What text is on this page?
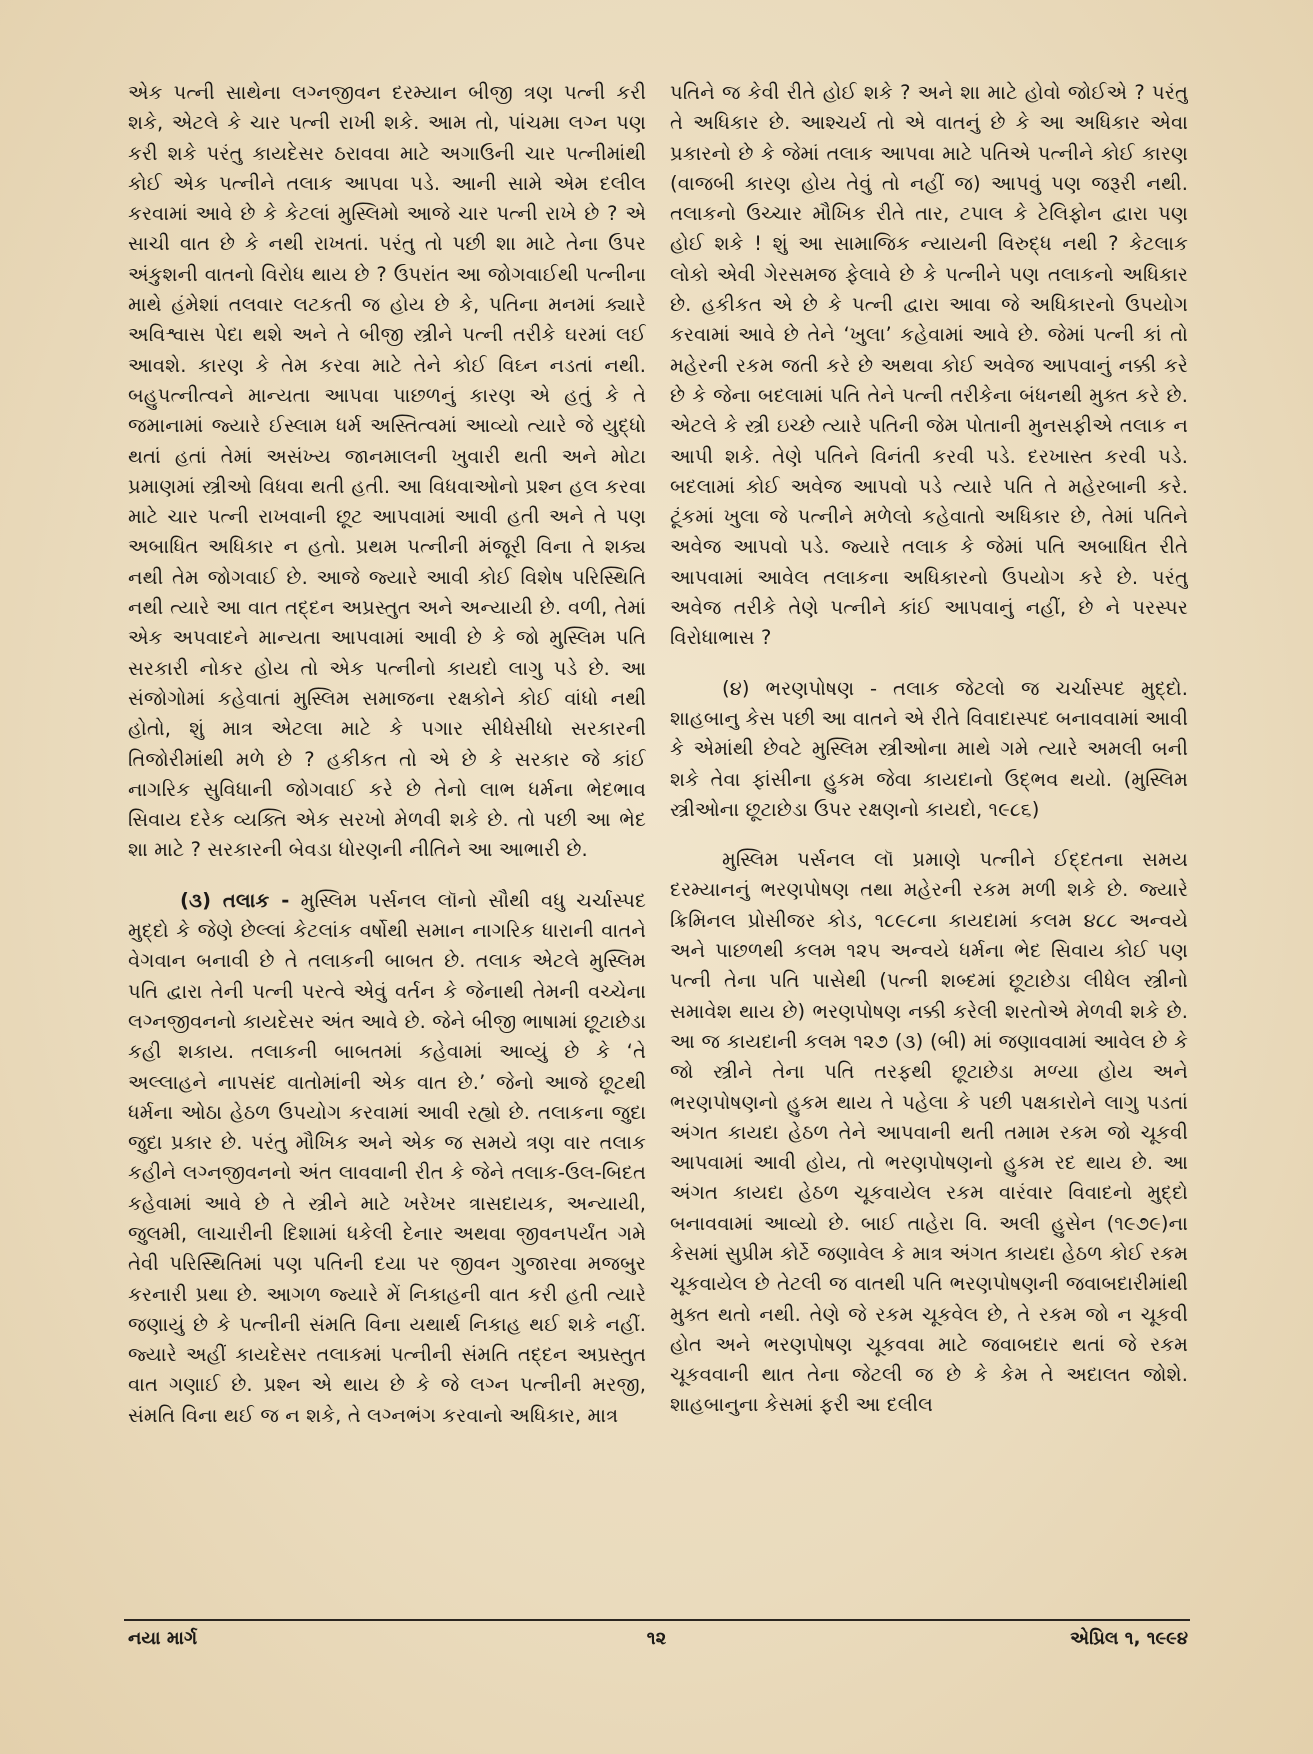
એક પત્ની સાથેના લગ્નજીવન દરમ્યાન બીજી ત્રણ પત્ની કરી શકે, એટલે કે ચાર પત્ની રાખી શકે. આમ તો, પાંચમા લગ્ન પણ કરી શકે પરંતુ કાયદેસર ઠરાવવા માટે અગાઉની ચાર પત્નીમાંથી કોઈ એક પત્નીને તલાક આપવા પડે. આની સામે એમ દલીલ કરવામાં આવે છે કે કેટલાં મુસ્લિમો આજે ચાર પત્ની રાખે છે ? એ સાચી વાત છે કે નથી રાખતાં. પરંતુ તો પછી શા માટે તેના ઉપર અંકુશની વાતનો વિરોધ થાય છે ? ઉપરાંત આ જોગવાઈથી પત્નીના માથે હંમેશાં તલવાર લટકતી જ હોય છે કે, પતિના મનમાં ક્યારે અવિશ્વાસ પેદા થશે અને તે બીજી સ્ત્રીને પત્ની તરીકે ઘરમાં લઈ આવશે. કારણ કે તેમ કરવા માટે તેને કોઈ વિઘ્ન નડતાં નથી. બહુપત્નીત્વને માન્યતા આપવા પાછળનું કારણ એ હતું કે તે જમાનામાં જ્યારે ઈસ્લામ ધર્મ અસ્તિત્વમાં આવ્યો ત્યારે જે યુદ્ધો થતાં હતાં તેમાં અસંખ્ય જાનમાલની ખુવારી થતી અને મોટા પ્રમાણમાં સ્ત્રીઓ વિધવા થતી હતી. આ વિધવાઓનો પ્રશ્ન હલ કરવા માટે ચાર પત્ની રાખવાની છૂટ આપવામાં આવી હતી અને તે પણ અબાધિત અધિકાર ન હતો. પ્રથમ પત્નીની મંજૂરી વિના તે શક્ય નથી તેમ જોગવાઈ છે. આજે જ્યારે આવી કોઈ વિશેષ પરિસ્થિતિ નથી ત્યારે આ વાત તદ્દન અપ્રસ્તુત અને અન્યાયી છે. વળી, તેમાં એક અપવાદને માન્યતા આપવામાં આવી છે કે જો મુસ્લિમ પતિ સરકારી નોકર હોય તો એક પત્નીનો કાયદો લાગુ પડે છે. આ સંજોગોમાં કહેવાતાં મુસ્લિમ સમાજના રક્ષકોને કોઈ વાંધો નથી હોતો, શું માત્ર એટલા માટે કે પગાર સીધેસીધો સરકારની તિજોરીમાંથી મળે છે ? હકીકત તો એ છે કે સરકાર જે કાંઈ નાગરિક સુવિધાની જોગવાઈ કરે છે તેનો લાભ ધર્મના ભેદભાવ સિવાય દરેક વ્યક્તિ એક સરખો મેળવી શકે છે. તો પછી આ ભેદ શા માટે ? સરકારની બેવડા ધોરણની નીતિને આ આભારી છે.

(૩) તલાક - મુસ્લિમ પર્સનલ લૉનો સૌથી વધુ ચર્ચાસ્પદ મુદ્દો કે જેણે છેલ્લાં કેટલાંક વર્ષોથી સમાન નાગરિક ધારાની વાતને વેગવાન બનાવી છે તે તલાકની બાબત છે. તલાક એટલે મુસ્લિમ પતિ દ્વારા તેની પત્ની પરત્વે એવું વર્તન કે જેનાથી તેમની વચ્ચેના લગ્નજીવનનો કાયદેસર અંત આવે છે. જેને બીજી ભાષામાં છૂટાછેડા કહી શકાય. તલાકની બાબતમાં કહેવામાં આવ્યું છે કે ‘તે અલ્લાહને નાપસંદ વાતોમાંની એક વાત છે.’ જેનો આજે છૂટથી ધર્મના ઓઠા હેઠળ ઉપયોગ કરવામાં આવી રહ્યો છે. તલાકના જુદા જુદા પ્રકાર છે. પરંતુ મૌખિક અને એક જ સમયે ત્રણ વાર તલાક કહીને લગ્નજીવનનો અંત લાવવાની રીત કે જેને તલાક-ઉલ-બિદત કહેવામાં આવે છે તે સ્ત્રીને માટે ખરેખર ત્રાસદાયક, અન્યાયી, જુલમી, લાચારીની દિશામાં ધકેલી દેનાર અથવા જીવનપર્યંત ગમે તેવી પરિસ્થિતિમાં પણ પતિની દયા પર જીવન ગુજારવા મજબુર કરનારી પ્રથા છે. આગળ જ્યારે મેં નિકાહની વાત કરી હતી ત્યારે જણાયું છે કે પત્નીની સંમતિ વિના યથાર્થ નિકાહ થઈ શકે નહીં. જ્યારે અહીં કાયદેસર તલાકમાં પત્નીની સંમતિ તદ્દન અપ્રસ્તુત વાત ગણાઈ છે. પ્રશ્ન એ થાય છે કે જે લગ્ન પત્નીની મરજી, સંમતિ વિના થઈ જ ન શકે, તે લગ્નભંગ કરવાનો અધિકાર, માત્ર

પતિને જ કેવી રીતે હોઈ શકે ? અને શા માટે હોવો જોઈએ ? પરંતુ તે અધિકાર છે. આશ્ચર્ય તો એ વાતનું છે કે આ અધિકાર એવા પ્રકારનો છે કે જેમાં તલાક આપવા માટે પતિએ પત્નીને કોઈ કારણ (વાજબી કારણ હોય તેવું તો નહીં જ) આપવું પણ જરૂરી નથી. તલાકનો ઉચ્ચાર મૌખિક રીતે તાર, ટપાલ કે ટેલિફોન દ્વારા પણ હોઈ શકે ! શું આ સામાજિક ન્યાયની વિરુદ્ધ નથી ? કેટલાક લોકો એવી ગેરસમજ ફેલાવે છે કે પત્નીને પણ તલાકનો અધિકાર છે. હકીકત એ છે કે પત્ની દ્વારા આવા જે અધિકારનો ઉપયોગ કરવામાં આવે છે તેને ‘ખુલા’ કહેવામાં આવે છે. જેમાં પત્ની કાં તો મહેરની રકમ જતી કરે છે અથવા કોઈ અવેજ આપવાનું નક્કી કરે છે કે જેના બદલામાં પતિ તેને પત્ની તરીકેના બંધનથી મુક્ત કરે છે. એટલે કે સ્ત્રી ઇચ્છે ત્યારે પતિની જેમ પોતાની મુનસફીએ તલાક ન આપી શકે. તેણે પતિને વિનંતી કરવી પડે. દરખાસ્ત કરવી પડે. બદલામાં કોઈ અવેજ આપવો પડે ત્યારે પતિ તે મહેરબાની કરે. ટૂંકમાં ખુલા જે પત્નીને મળેલો કહેવાતો અધિકાર છે, તેમાં પતિને અવેજ આપવો પડે. જ્યારે તલાક કે જેમાં પતિ અબાધિત રીતે આપવામાં આવેલ તલાકના અધિકારનો ઉપયોગ કરે છે. પરંતુ અવેજ તરીકે તેણે પત્નીને કાંઈ આપવાનું નહીં, છે ને પરસ્પર વિરોધાભાસ ?

(૪) ભરણપોષણ - તલાક જેટલો જ ચર્ચાસ્પદ મુદ્દો. શાહબાનુ કેસ પછી આ વાતને એ રીતે વિવાદાસ્પદ બનાવવામાં આવી કે એમાંથી છેવટે મુસ્લિમ સ્ત્રીઓના માથે ગમે ત્યારે અમલી બની શકે તેવા ફાંસીના હુકમ જેવા કાયદાનો ઉદ્ભવ થયો. (મુસ્લિમ સ્ત્રીઓના છૂટાછેડા ઉપર રક્ષણનો કાયદો, ૧૯૮૬)

મુસ્લિમ પર્સનલ લૉ પ્રમાણે પત્નીને ઈદ્દતના સમય દરમ્યાનનું ભરણપોષણ તથા મહેરની રકમ મળી શકે છે. જ્યારે ક્રિમિનલ પ્રોસીજર કોડ, ૧૮૯૮ના કાયદામાં કલમ ૪૮૮ અન્વયે અને પાછળથી કલમ ૧૨૫ અન્વયે ધર્મના ભેદ સિવાય કોઈ પણ પત્ની તેના પતિ પાસેથી (પત્ની શબ્દમાં છૂટાછેડા લીધેલ સ્ત્રીનો સમાવેશ થાય છે) ભરણપોષણ નક્કી કરેલી શરતોએ મેળવી શકે છે. આ જ કાયદાની કલમ ૧૨૭ (૩) (બી) માં જણાવવામાં આવેલ છે કે જો સ્ત્રીને તેના પતિ તરફથી છૂટાછેડા મળ્યા હોય અને ભરણપોષણનો હુકમ થાય તે પહેલા કે પછી પક્ષકારોને લાગુ પડતાં અંગત કાયદા હેઠળ તેને આપવાની થતી તમામ રકમ જો ચૂકવી આપવામાં આવી હોય, તો ભરણપોષણનો હુકમ રદ થાય છે. આ અંગત કાયદા હેઠળ ચૂકવાયેલ રકમ વારંવાર વિવાદનો મુદ્દો બનાવવામાં આવ્યો છે. બાઈ તાહેરા વિ. અલી હુસેન (૧૯૭૯)ના કેસમાં સુપ્રીમ કોર્ટે જણાવેલ કે માત્ર અંગત કાયદા હેઠળ કોઈ રકમ ચૂકવાયેલ છે તેટલી જ વાતથી પતિ ભરણપોષણની જવાબદારીમાંથી મુક્ત થતો નથી. તેણે જે રકમ ચૂકવેલ છે, તે રકમ જો ન ચૂકવી હોત અને ભરણપોષણ ચૂકવવા માટે જવાબદાર થતાં જે રકમ ચૂકવવાની થાત તેના જેટલી જ છે કે કેમ તે અદાલત જોશે. શાહબાનુના કેસમાં ફરી આ દલીલ

નયા માર્ગ	૧૨	એપ્રિલ ૧, ૧૯૯૪
